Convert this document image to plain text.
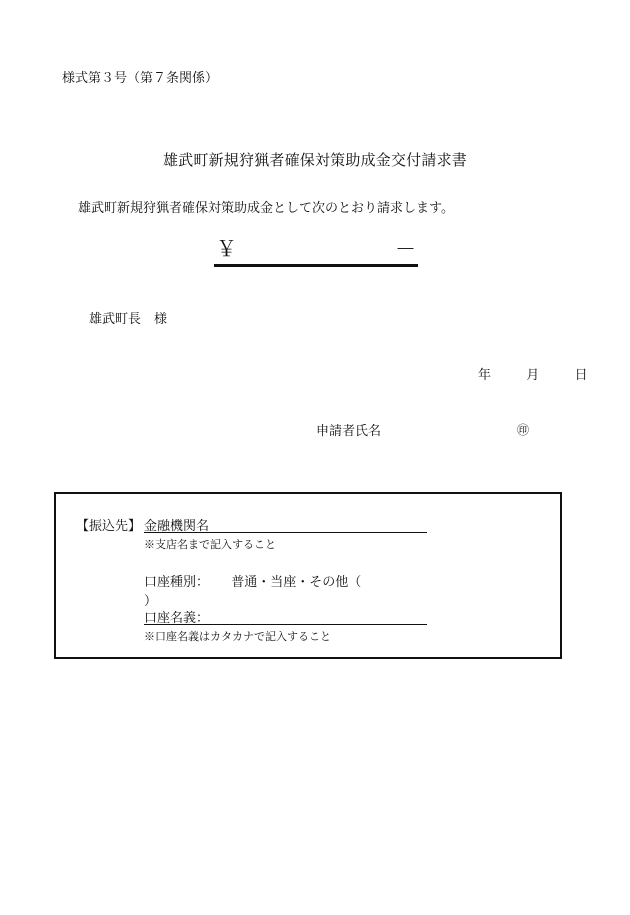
様式第３号（第７条関係）
雄武町新規狩猟者確保対策助成金交付請求書
雄武町新規狩猟者確保対策助成金として次のとおり請求します。
￥	－
雄武町長　様
年	月	日
申請者氏名	㊞
【振込先】 金融機関名
※支店名まで記入すること
口座種別： 普通・当座・その他（  ）
口座名義：
※口座名義はカタカナで記入すること
